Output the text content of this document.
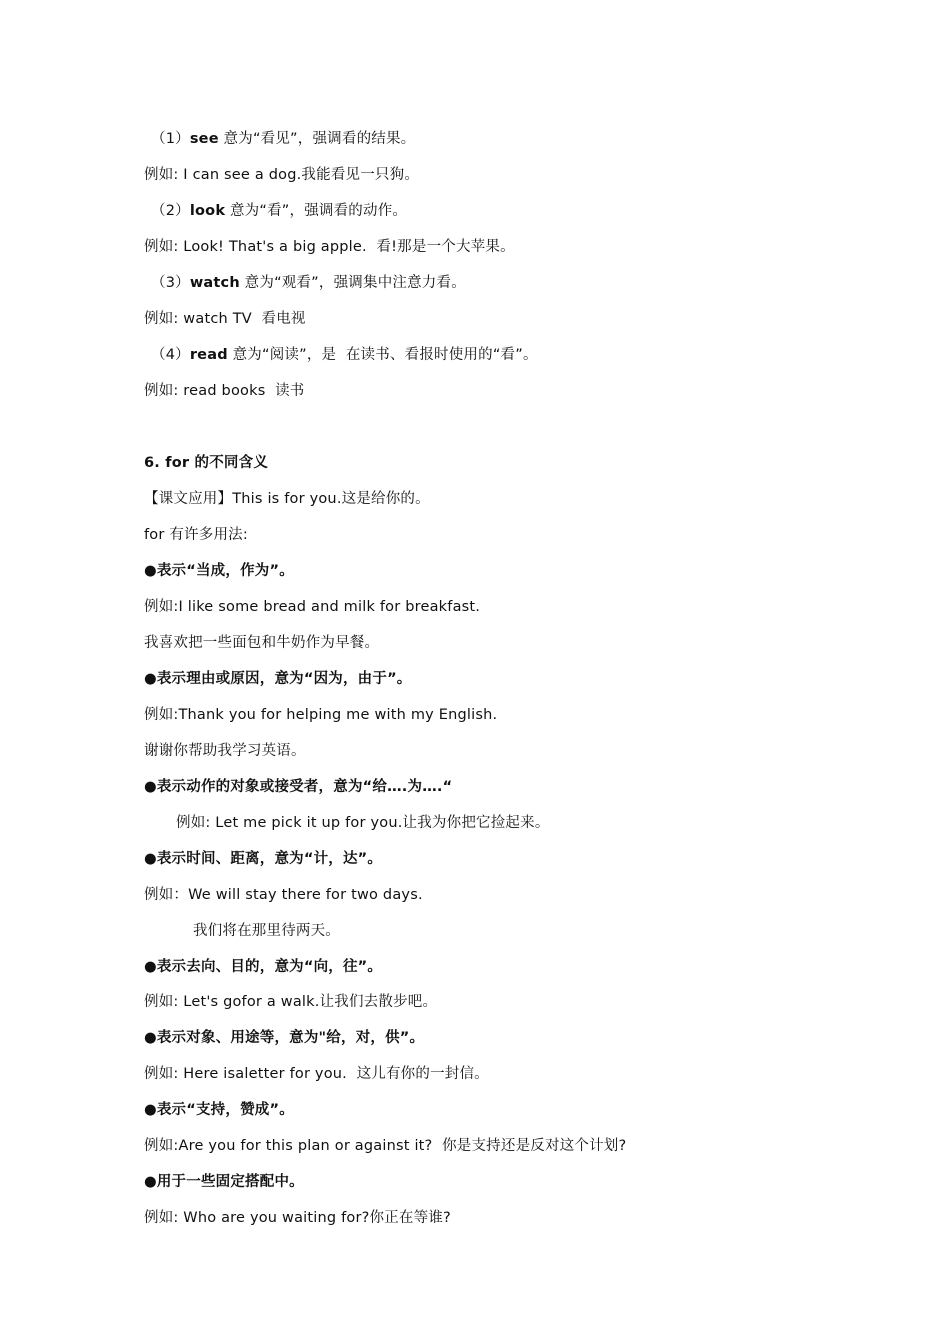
（1）see 意为“看见”，强调看的结果。
例如: I can see a dog.我能看见一只狗。
（2）look 意为“看”，强调看的动作。
例如: Look! That's a big apple.  看!那是一个大苹果。
（3）watch 意为“观看”，强调集中注意力看。
例如: watch TV  看电视
（4）read 意为“阅读”，是  在读书、看报时使用的“看”。
例如: read books  读书
6. for 的不同含义
【课文应用】This is for you.这是给你的。
for 有许多用法:
●表示“当成，作为”。
例如:I like some bread and milk for breakfast.
我喜欢把一些面包和牛奶作为早餐。
●表示理由或原因，意为“因为，由于”。
例如:Thank you for helping me with my English.
谢谢你帮助我学习英语。
●表示动作的对象或接受者，意为“给….为….“
例如: Let me pick it up for you.让我为你把它捡起来。
●表示时间、距离，意为“计，达”。
例如：We will stay there for two days.
我们将在那里待两天。
●表示去向、目的，意为“向，往”。
例如: Let's gofor a walk.让我们去散步吧。
●表示对象、用途等，意为"给，对，供”。
例如: Here isaletter for you.  这儿有你的一封信。
●表示“支持，赞成”。
例如:Are you for this plan or against it?  你是支持还是反对这个计划?
●用于一些固定搭配中。
例如: Who are you waiting for?你正在等谁?
